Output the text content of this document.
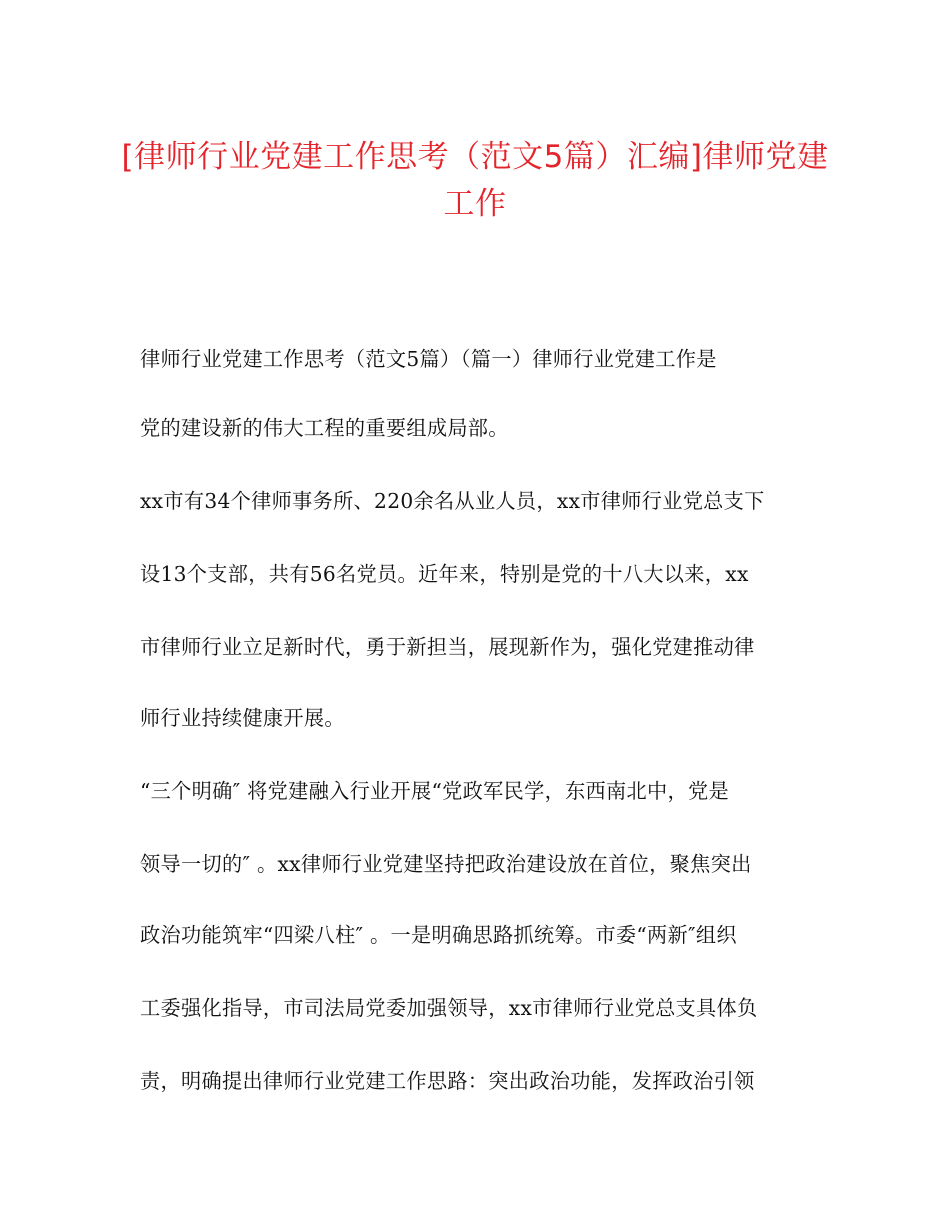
[律师行业党建工作思考（范文5篇）汇编]律师党建
工作
律师行业党建工作思考（范文5篇）（篇一）律师行业党建工作是
党的建设新的伟大工程的重要组成局部。
xx市有34个律师事务所、220余名从业人员，xx市律师行业党总支下
设13个支部，共有56名党员。近年来，特别是党的十八大以来，xx
市律师行业立足新时代，勇于新担当，展现新作为，强化党建推动律
师行业持续健康开展。
“三个明确″ 将党建融入行业开展“党政军民学，东西南北中，党是
领导一切的″ 。xx律师行业党建坚持把政治建设放在首位，聚焦突出
政治功能筑牢“四梁八柱″ 。一是明确思路抓统筹。市委“两新″组织
工委强化指导，市司法局党委加强领导，xx市律师行业党总支具体负
责，明确提出律师行业党建工作思路：突出政治功能，发挥政治引领
